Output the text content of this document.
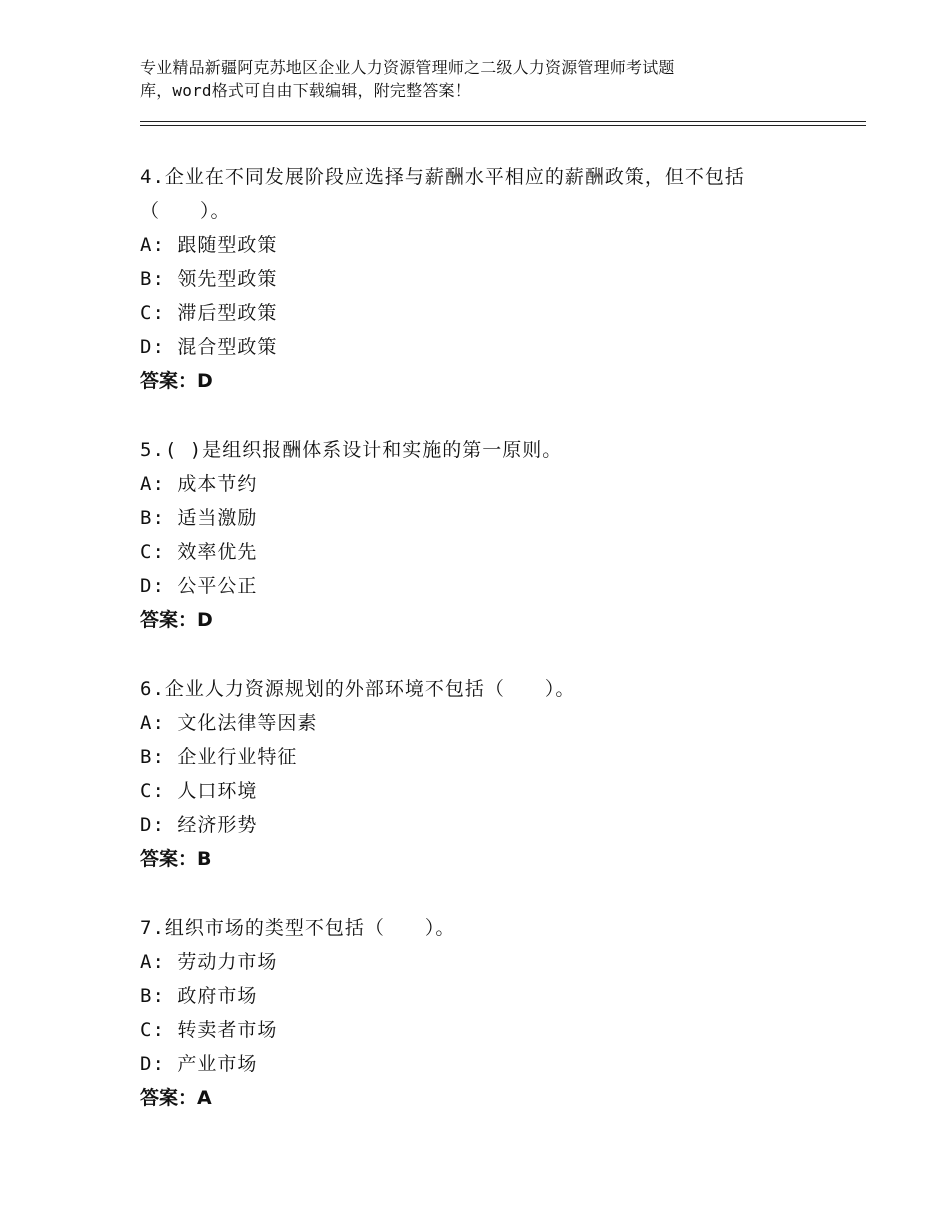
专业精品新疆阿克苏地区企业人力资源管理师之二级人力资源管理师考试题
库，word格式可自由下载编辑，附完整答案！
4.企业在不同发展阶段应选择与薪酬水平相应的薪酬政策，但不包括
（　　）。
A: 跟随型政策
B: 领先型政策
C: 滞后型政策
D: 混合型政策
答案：D
5.( )是组织报酬体系设计和实施的第一原则。
A: 成本节约
B: 适当激励
C: 效率优先
D: 公平公正
答案：D
6.企业人力资源规划的外部环境不包括（　　）。
A: 文化法律等因素
B: 企业行业特征
C: 人口环境
D: 经济形势
答案：B
7.组织市场的类型不包括（　　）。
A: 劳动力市场
B: 政府市场
C: 转卖者市场
D: 产业市场
答案：A
